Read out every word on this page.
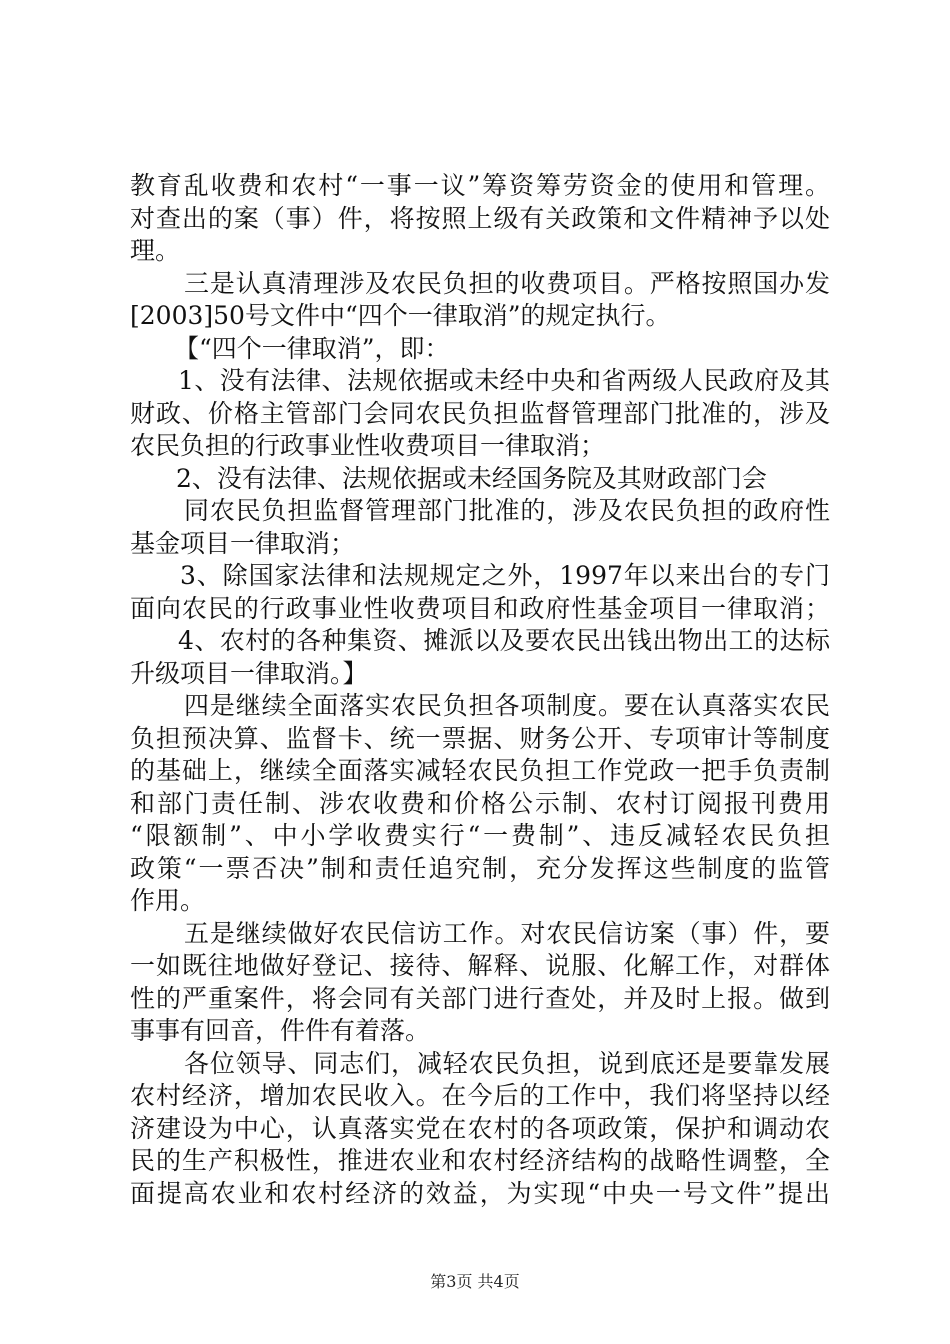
教育乱收费和农村“一事一议”筹资筹劳资金的使用和管理。
对查出的案（事）件，将按照上级有关政策和文件精神予以处
理。
三是认真清理涉及农民负担的收费项目。严格按照国办发
[2003]50号文件中“四个一律取消”的规定执行。
【“四个一律取消”，即：
1、没有法律、法规依据或未经中央和省两级人民政府及其
财政、价格主管部门会同农民负担监督管理部门批准的，涉及
农民负担的行政事业性收费项目一律取消；
2、没有法律、法规依据或未经国务院及其财政部门会
同农民负担监督管理部门批准的，涉及农民负担的政府性
基金项目一律取消；
3、除国家法律和法规规定之外，1997年以来出台的专门
面向农民的行政事业性收费项目和政府性基金项目一律取消；
4、农村的各种集资、摊派以及要农民出钱出物出工的达标
升级项目一律取消。】
四是继续全面落实农民负担各项制度。要在认真落实农民
负担预决算、监督卡、统一票据、财务公开、专项审计等制度
的基础上，继续全面落实减轻农民负担工作党政一把手负责制
和部门责任制、涉农收费和价格公示制、农村订阅报刊费用
“限额制”、中小学收费实行“一费制”、违反减轻农民负担
政策“一票否决”制和责任追究制，充分发挥这些制度的监管
作用。
五是继续做好农民信访工作。对农民信访案（事）件，要
一如既往地做好登记、接待、解释、说服、化解工作，对群体
性的严重案件，将会同有关部门进行查处，并及时上报。做到
事事有回音，件件有着落。
各位领导、同志们，减轻农民负担，说到底还是要靠发展
农村经济，增加农民收入。在今后的工作中，我们将坚持以经
济建设为中心，认真落实党在农村的各项政策，保护和调动农
民的生产积极性，推进农业和农村经济结构的战略性调整，全
面提高农业和农村经济的效益，为实现“中央一号文件”提出
第3页 共4页
